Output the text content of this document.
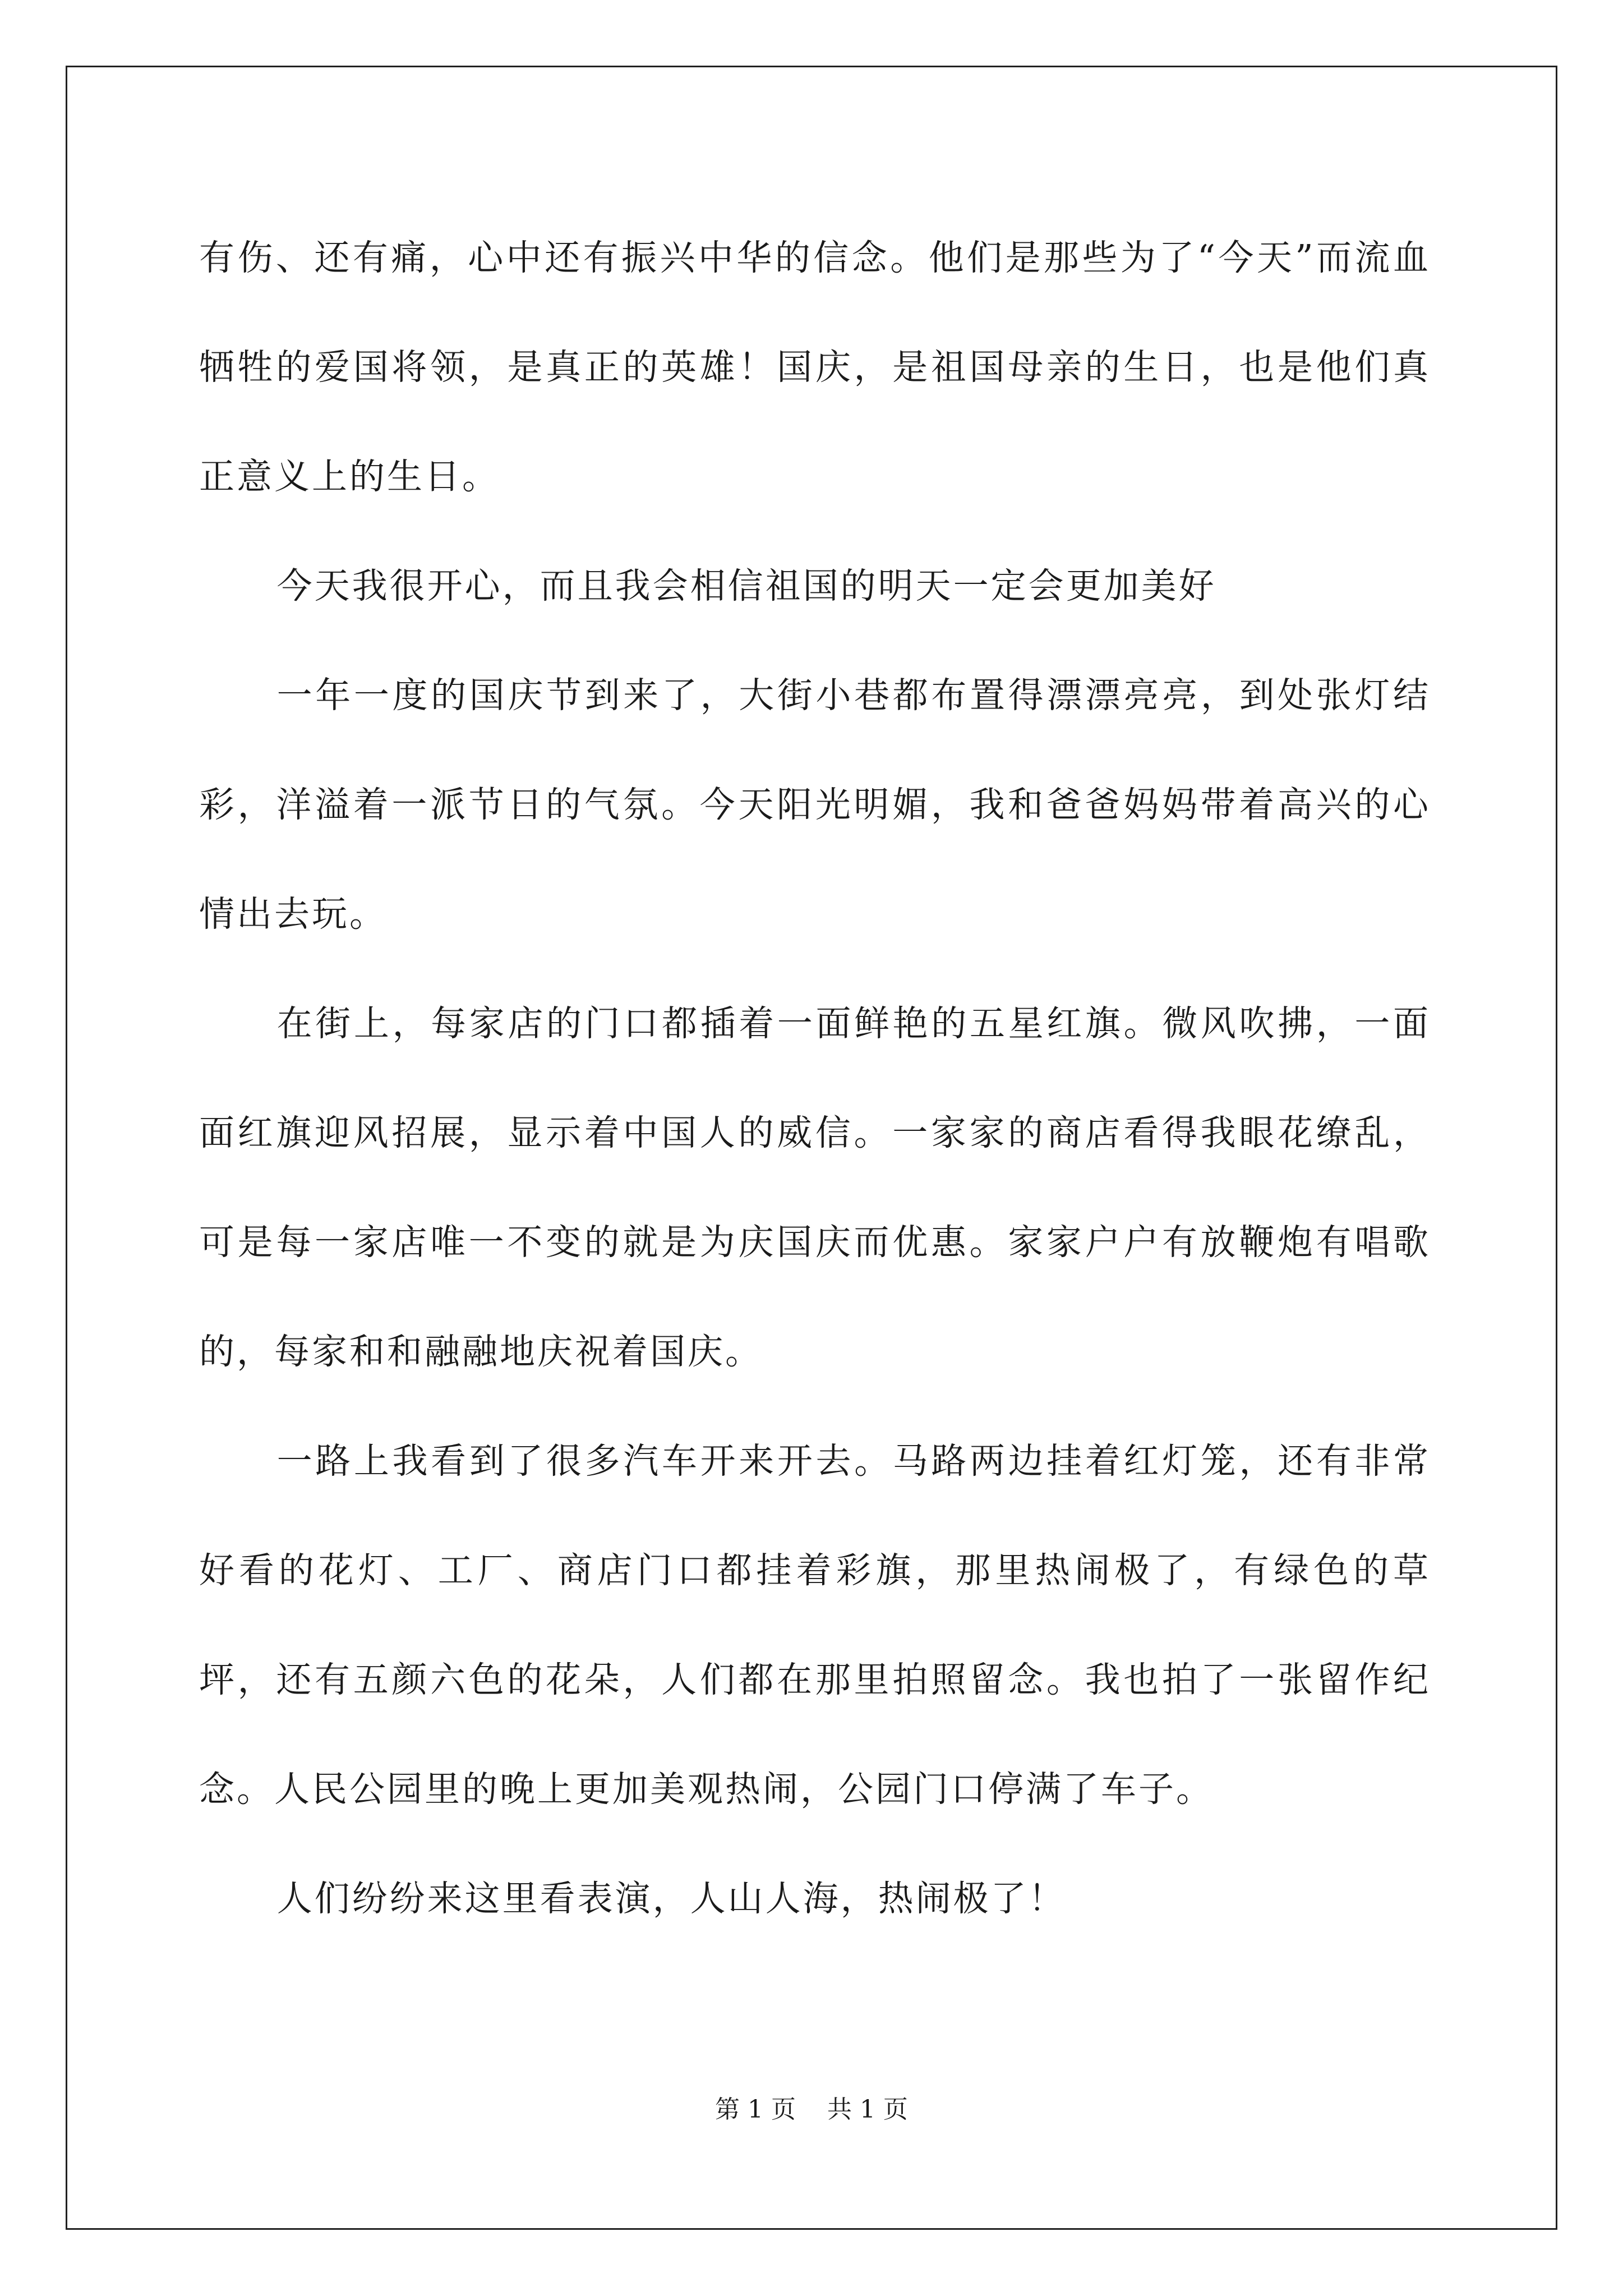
有伤、还有痛，心中还有振兴中华的信念。他们是那些为了“今天”而流血牺牲的爱国将领，是真正的英雄！国庆，是祖国母亲的生日，也是他们真正意义上的生日。

今天我很开心，而且我会相信祖国的明天一定会更加美好

一年一度的国庆节到来了，大街小巷都布置得漂漂亮亮，到处张灯结彩，洋溢着一派节日的气氛。今天阳光明媚，我和爸爸妈妈带着高兴的心情出去玩。

在街上，每家店的门口都插着一面鲜艳的五星红旗。微风吹拂，一面面红旗迎风招展，显示着中国人的威信。一家家的商店看得我眼花缭乱，可是每一家店唯一不变的就是为庆国庆而优惠。家家户户有放鞭炮有唱歌的，每家和和融融地庆祝着国庆。

一路上我看到了很多汽车开来开去。马路两边挂着红灯笼，还有非常好看的花灯、工厂、商店门口都挂着彩旗，那里热闹极了，有绿色的草坪，还有五颜六色的花朵，人们都在那里拍照留念。我也拍了一张留作纪念。人民公园里的晚上更加美观热闹，公园门口停满了车子。

人们纷纷来这里看表演，人山人海，热闹极了！

第 1 页    共 1 页
